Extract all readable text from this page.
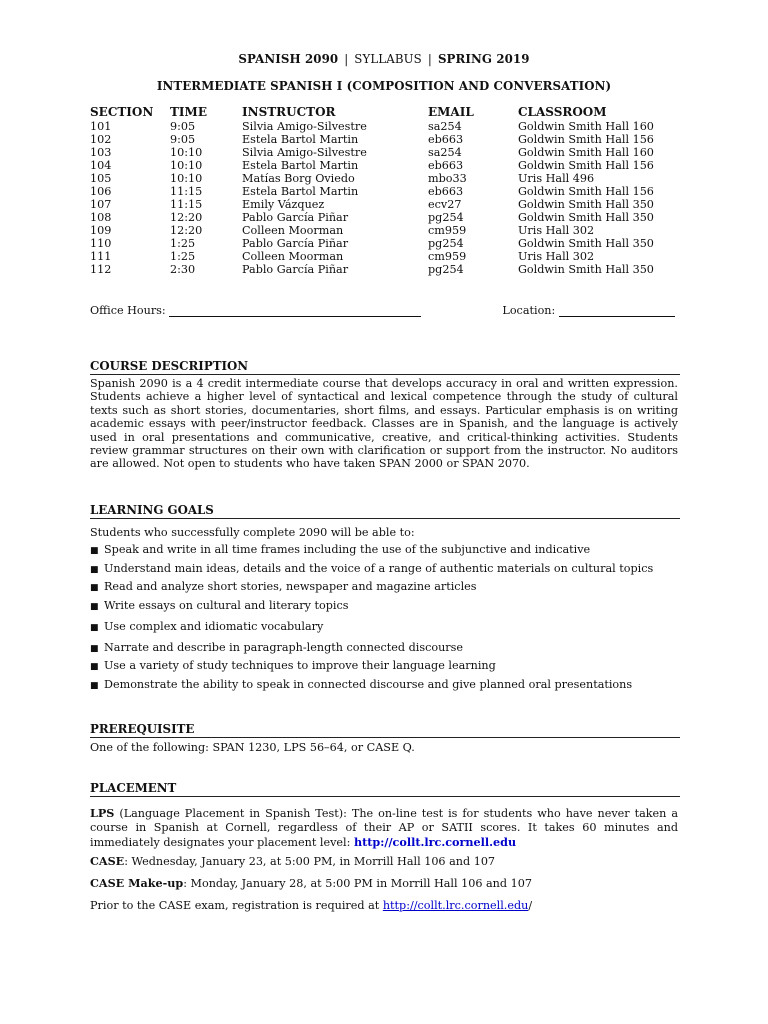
SPANISH 2090 | SYLLABUS | SPRING 2019
INTERMEDIATE SPANISH I (COMPOSITION AND CONVERSATION)
SECTION	TIME	INSTRUCTOR	EMAIL	CLASSROOM
101	9:05	Silvia Amigo-Silvestre	sa254	Goldwin Smith Hall 160
102	9:05	Estela Bartol Martin	eb663	Goldwin Smith Hall 156
103	10:10	Silvia Amigo-Silvestre	sa254	Goldwin Smith Hall 160
104	10:10	Estela Bartol Martin	eb663	Goldwin Smith Hall 156
105	10:10	Matías Borg Oviedo	mbo33	Uris Hall 496
106	11:15	Estela Bartol Martin	eb663	Goldwin Smith Hall 156
107	11:15	Emily Vázquez	ecv27	Goldwin Smith Hall 350
108	12:20	Pablo García Piñar	pg254	Goldwin Smith Hall 350
109	12:20	Colleen Moorman	cm959	Uris Hall 302
110	1:25	Pablo García Piñar	pg254	Goldwin Smith Hall 350
111	1:25	Colleen Moorman	cm959	Uris Hall 302
112	2:30	Pablo García Piñar	pg254	Goldwin Smith Hall 350
Office Hours:	Location:
COURSE DESCRIPTION
Spanish 2090 is a 4 credit intermediate course that develops accuracy in oral and written expression. Students achieve a higher level of syntactical and lexical competence through the study of cultural texts such as short stories, documentaries, short films, and essays. Particular emphasis is on writing academic essays with peer/instructor feedback. Classes are in Spanish, and the language is actively used in oral presentations and communicative, creative, and critical-thinking activities. Students review grammar structures on their own with clarification or support from the instructor. No auditors are allowed. Not open to students who have taken SPAN 2000 or SPAN 2070.
LEARNING GOALS
Students who successfully complete 2090 will be able to:
■ Speak and write in all time frames including the use of the subjunctive and indicative
■ Understand main ideas, details and the voice of a range of authentic materials on cultural topics
■ Read and analyze short stories, newspaper and magazine articles
■ Write essays on cultural and literary topics
■ Use complex and idiomatic vocabulary
■ Narrate and describe in paragraph-length connected discourse
■ Use a variety of study techniques to improve their language learning
■ Demonstrate the ability to speak in connected discourse and give planned oral presentations
PREREQUISITE
One of the following: SPAN 1230, LPS 56–64, or CASE Q.
PLACEMENT
LPS (Language Placement in Spanish Test): The on-line test is for students who have never taken a course in Spanish at Cornell, regardless of their AP or SATII scores. It takes 60 minutes and immediately designates your placement level: http://collt.lrc.cornell.edu
CASE: Wednesday, January 23, at 5:00 PM, in Morrill Hall 106 and 107
CASE Make-up: Monday, January 28, at 5:00 PM in Morrill Hall 106 and 107
Prior to the CASE exam, registration is required at http://collt.lrc.cornell.edu/
